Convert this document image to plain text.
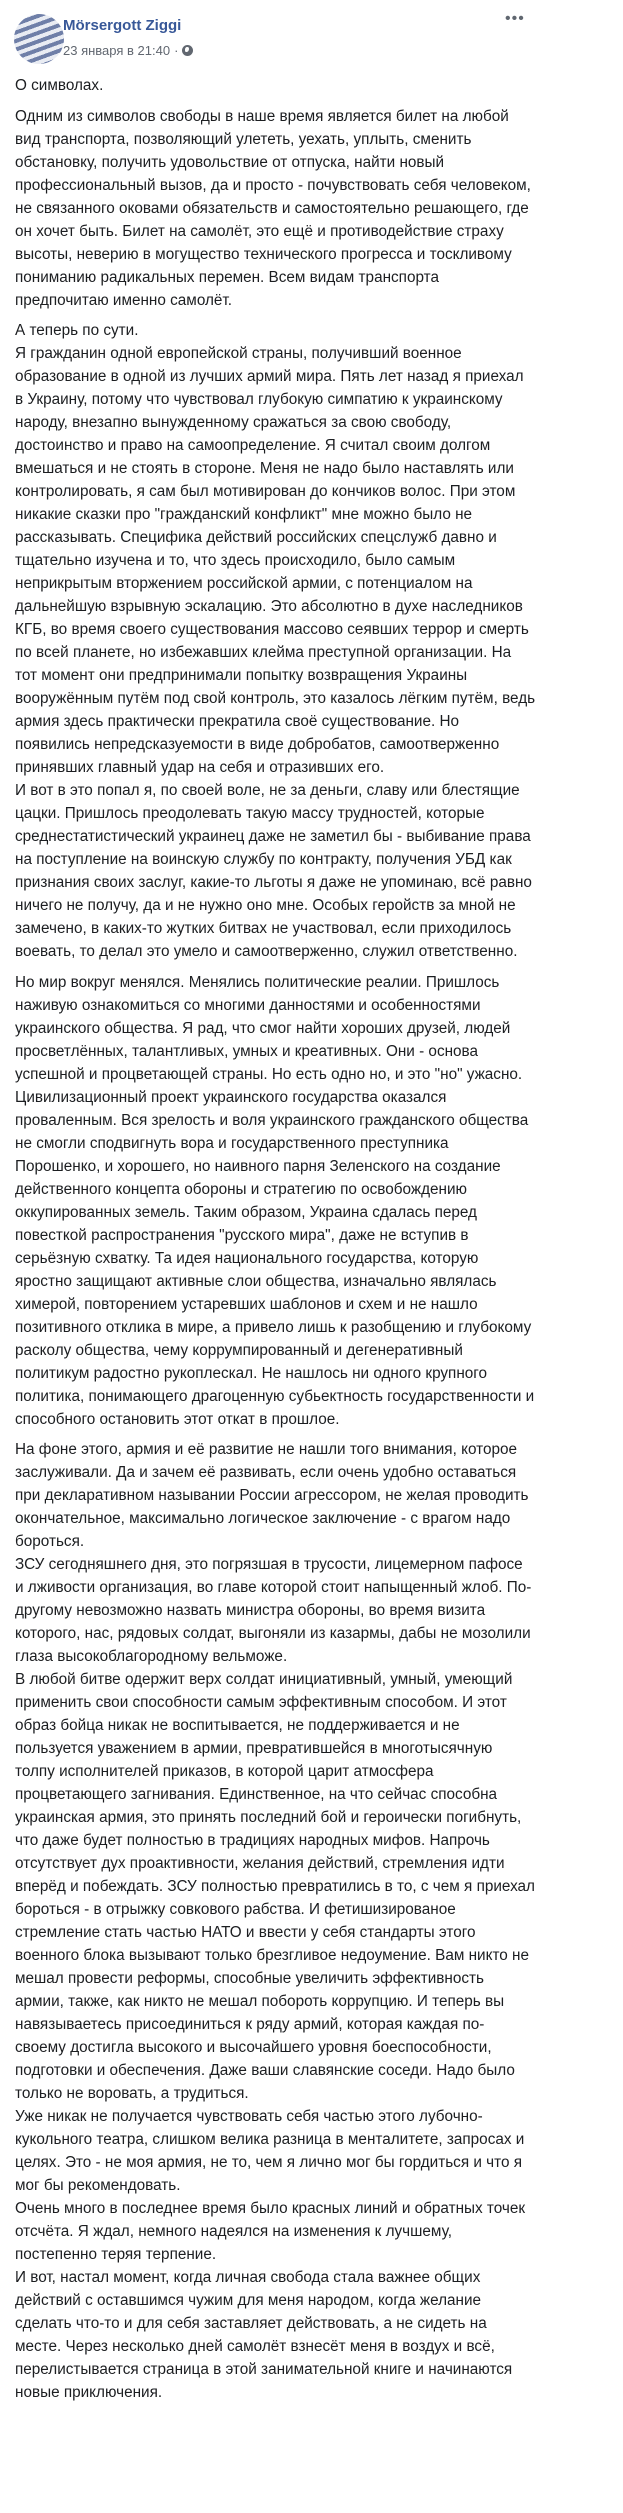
Mörsergott Ziggi
23 января в 21:40 ·
•••
О символах.
Одним из символов свободы в наше время является билет на любой
вид транспорта, позволяющий улететь, уехать, уплыть, сменить
обстановку, получить удовольствие от отпуска, найти новый
профессиональный вызов, да и просто - почувствовать себя человеком,
не связанного оковами обязательств и самостоятельно решающего, где
он хочет быть. Билет на самолёт, это ещё и противодействие страху
высоты, неверию в могущество технического прогресса и тоскливому
пониманию радикальных перемен. Всем видам транспорта
предпочитаю именно самолёт.
А теперь по сути.
Я гражданин одной европейской страны, получивший военное
образование в одной из лучших армий мира. Пять лет назад я приехал
в Украину, потому что чувствовал глубокую симпатию к украинскому
народу, внезапно вынужденному сражаться за свою свободу,
достоинство и право на самоопределение. Я считал своим долгом
вмешаться и не стоять в стороне. Меня не надо было наставлять или
контролировать, я сам был мотивирован до кончиков волос. При этом
никакие сказки про "гражданский конфликт" мне можно было не
рассказывать. Специфика действий российских спецслужб давно и
тщательно изучена и то, что здесь происходило, было самым
неприкрытым вторжением российской армии, с потенциалом на
дальнейшую взрывную эскалацию. Это абсолютно в духе наследников
КГБ, во время своего существования массово сеявших террор и смерть
по всей планете, но избежавших клейма преступной организации. На
тот момент они предпринимали попытку возвращения Украины
вооружённым путём под свой контроль, это казалось лёгким путём, ведь
армия здесь практически прекратила своё существование. Но
появились непредсказуемости в виде добробатов, самоотверженно
принявших главный удар на себя и отразивших его.
И вот в это попал я, по своей воле, не за деньги, славу или блестящие
цацки. Пришлось преодолевать такую массу трудностей, которые
среднестатистический украинец даже не заметил бы - выбивание права
на поступление на воинскую службу по контракту, получения УБД как
признания своих заслуг, какие-то льготы я даже не упоминаю, всё равно
ничего не получу, да и не нужно оно мне. Особых геройств за мной не
замечено, в каких-то жутких битвах не участвовал, если приходилось
воевать, то делал это умело и самоотверженно, служил ответственно.
Но мир вокруг менялся. Менялись политические реалии. Пришлось
наживую ознакомиться со многими данностями и особенностями
украинского общества. Я рад, что смог найти хороших друзей, людей
просветлённых, талантливых, умных и креативных. Они - основа
успешной и процветающей страны. Но есть одно но, и это "но" ужасно.
Цивилизационный проект украинского государства оказался
проваленным. Вся зрелость и воля украинского гражданского общества
не смогли сподвигнуть вора и государственного преступника
Порошенко, и хорошего, но наивного парня Зеленского на создание
действенного концепта обороны и стратегию по освобождению
оккупированных земель. Таким образом, Украина сдалась перед
повесткой распространения "русского мира", даже не вступив в
серьёзную схватку. Та идея национального государства, которую
яростно защищают активные слои общества, изначально являлась
химерой, повторением устаревших шаблонов и схем и не нашло
позитивного отклика в мире, а привело лишь к разобщению и глубокому
расколу общества, чему коррумпированный и дегенеративный
политикум радостно рукоплескал. Не нашлось ни одного крупного
политика, понимающего драгоценную субьектность государственности и
способного остановить этот откат в прошлое.
На фоне этого, армия и её развитие не нашли того внимания, которое
заслуживали. Да и зачем её развивать, если очень удобно оставаться
при декларативном назывании России агрессором, не желая проводить
окончательное, максимально логическое заключение - с врагом надо
бороться.
ЗСУ сегодняшнего дня, это погрязшая в трусости, лицемерном пафосе
и лживости организация, во главе которой стоит напыщенный жлоб. По-
другому невозможно назвать министра обороны, во время визита
которого, нас, рядовых солдат, выгоняли из казармы, дабы не мозолили
глаза высокоблагородному вельможе.
В любой битве одержит верх солдат инициативный, умный, умеющий
применить свои способности самым эффективным способом. И этот
образ бойца никак не воспитывается, не поддерживается и не
пользуется уважением в армии, превратившейся в многотысячную
толпу исполнителей приказов, в которой царит атмосфера
процветающего загнивания. Единственное, на что сейчас способна
украинская армия, это принять последний бой и героически погибнуть,
что даже будет полностью в традициях народных мифов. Напрочь
отсутствует дух проактивности, желания действий, стремления идти
вперёд и побеждать. ЗСУ полностью превратились в то, с чем я приехал
бороться - в отрыжку совкового рабства. И фетишизированое
стремление стать частью НАТО и ввести у себя стандарты этого
военного блока вызывают только брезгливое недоумение. Вам никто не
мешал провести реформы, способные увеличить эффективность
армии, также, как никто не мешал побороть коррупцию. И теперь вы
навязываетесь присоединиться к ряду армий, которая каждая по-
своему достигла высокого и высочайшего уровня боеспособности,
подготовки и обеспечения. Даже ваши славянские соседи. Надо было
только не воровать, а трудиться.
Уже никак не получается чувствовать себя частью этого лубочно-
кукольного театра, слишком велика разница в менталитете, запросах и
целях. Это - не моя армия, не то, чем я лично мог бы гордиться и что я
мог бы рекомендовать.
Очень много в последнее время было красных линий и обратных точек
отсчёта. Я ждал, немного надеялся на изменения к лучшему,
постепенно теряя терпение.
И вот, настал момент, когда личная свобода стала важнее общих
действий с оставшимся чужим для меня народом, когда желание
сделать что-то и для себя заставляет действовать, а не сидеть на
месте. Через несколько дней самолёт взнесёт меня в воздух и всё,
перелистывается страница в этой занимательной книге и начинаются
новые приключения.
